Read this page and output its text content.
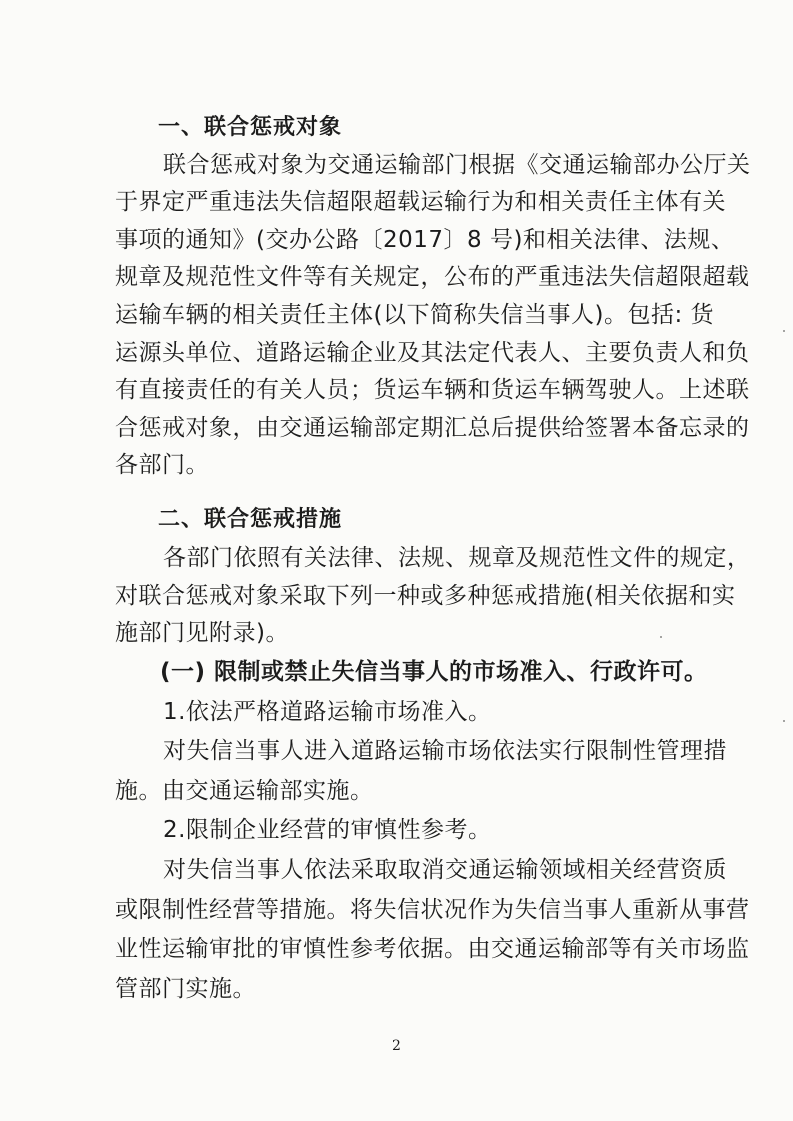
一、联合惩戒对象
联合惩戒对象为交通运输部门根据《交通运输部办公厅关
于界定严重违法失信超限超载运输行为和相关责任主体有关
事项的通知》(交办公路〔2017〕8 号)和相关法律、法规、
规章及规范性文件等有关规定，公布的严重违法失信超限超载
运输车辆的相关责任主体(以下简称失信当事人)。包括: 货
运源头单位、道路运输企业及其法定代表人、主要负责人和负
有直接责任的有关人员；货运车辆和货运车辆驾驶人。上述联
合惩戒对象，由交通运输部定期汇总后提供给签署本备忘录的
各部门。
二、联合惩戒措施
各部门依照有关法律、法规、规章及规范性文件的规定，
对联合惩戒对象采取下列一种或多种惩戒措施(相关依据和实
施部门见附录)。
(一) 限制或禁止失信当事人的市场准入、行政许可。
1.依法严格道路运输市场准入。
对失信当事人进入道路运输市场依法实行限制性管理措
施。由交通运输部实施。
2.限制企业经营的审慎性参考。
对失信当事人依法采取取消交通运输领域相关经营资质
或限制性经营等措施。将失信状况作为失信当事人重新从事营
业性运输审批的审慎性参考依据。由交通运输部等有关市场监
管部门实施。
2
